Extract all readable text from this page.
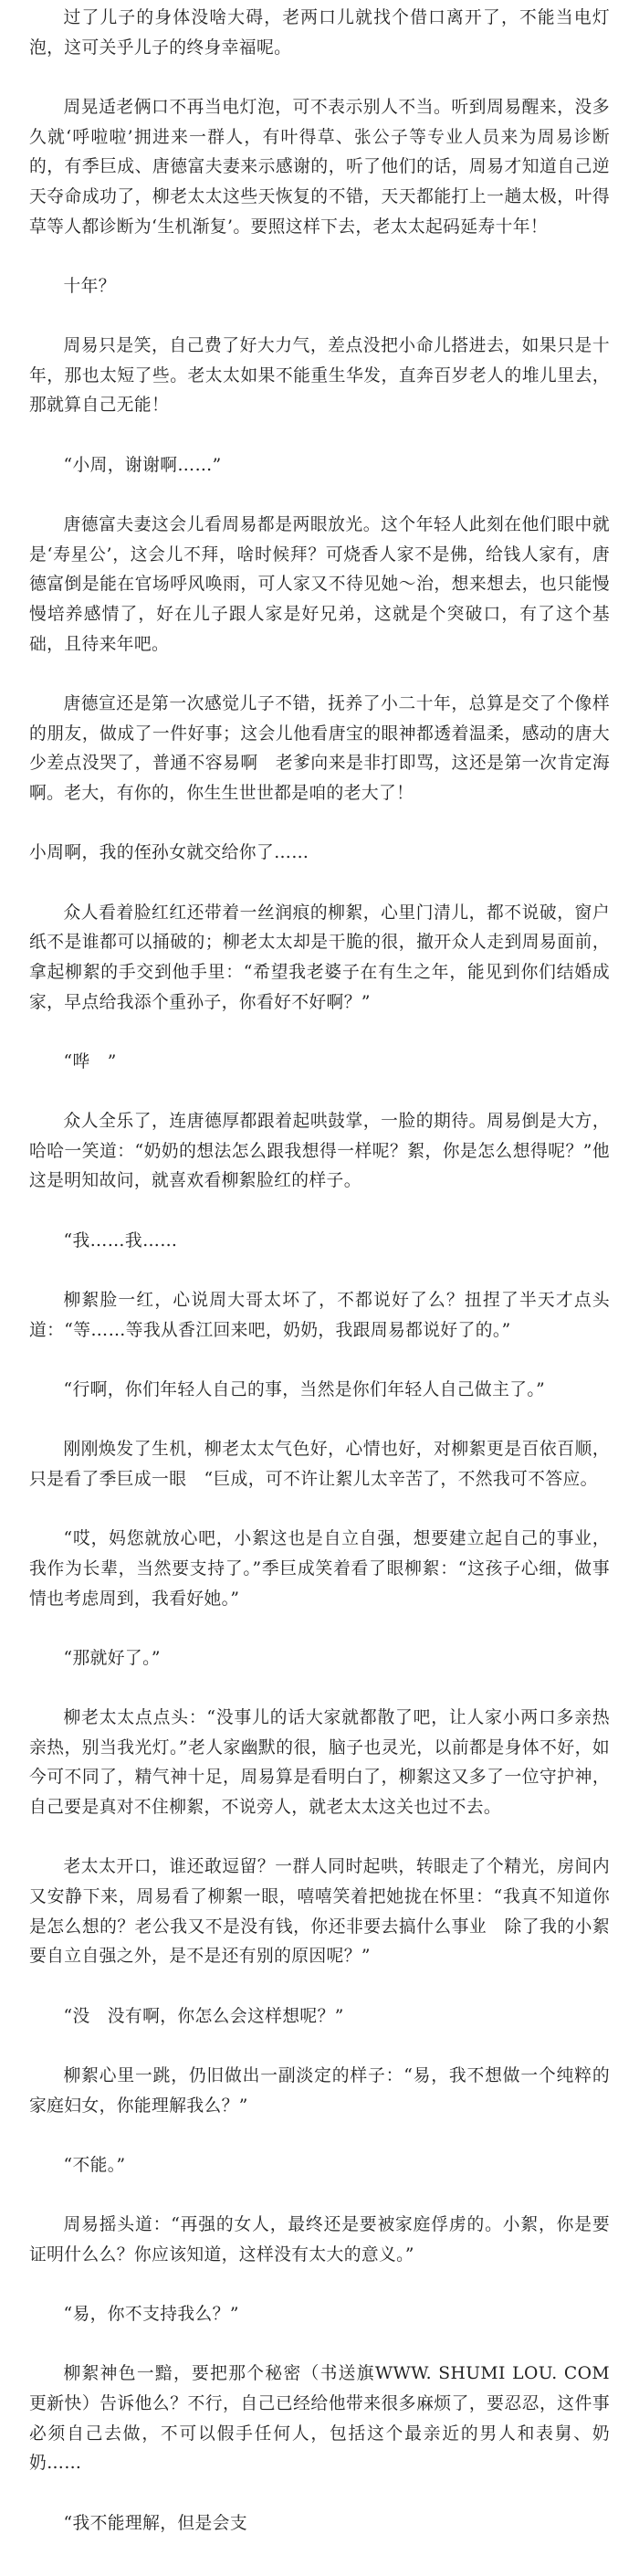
过了儿子的身体没啥大碍，老两口儿就找个借口离开了，不能当电灯泡，这可关乎儿子的终身幸福呢。

周晃适老俩口不再当电灯泡，可不表示别人不当。听到周易醒来，没多久就‘呼啦啦’拥进来一群人，有叶得草、张公子等专业人员来为周易诊断的，有季巨成、唐德富夫妻来示感谢的，听了他们的话，周易才知道自己逆天夺命成功了，柳老太太这些天恢复的不错，天天都能打上一趟太极，叶得草等人都诊断为‘生机渐复’。要照这样下去，老太太起码延寿十年！

十年？

周易只是笑，自己费了好大力气，差点没把小命儿搭进去，如果只是十年，那也太短了些。老太太如果不能重生华发，直奔百岁老人的堆儿里去，那就算自己无能！

“小周，谢谢啊……”

唐德富夫妻这会儿看周易都是两眼放光。这个年轻人此刻在他们眼中就是‘寿星公’，这会儿不拜，啥时候拜？可烧香人家不是佛，给钱人家有，唐德富倒是能在官场呼风唤雨，可人家又不待见她～治，想来想去，也只能慢慢培养感情了，好在儿子跟人家是好兄弟，这就是个突破口，有了这个基础，且待来年吧。

唐德宣还是第一次感觉儿子不错，抚养了小二十年，总算是交了个像样的朋友，做成了一件好事；这会儿他看唐宝的眼神都透着温柔，感动的唐大少差点没哭了，普通不容易啊　老爹向来是非打即骂，这还是第一次肯定海啊。老大，有你的，你生生世世都是咱的老大了！

小周啊，我的侄孙女就交给你了……

众人看着脸红红还带着一丝润痕的柳絮，心里门清儿，都不说破，窗户纸不是谁都可以捅破的；柳老太太却是干脆的很，撤开众人走到周易面前，拿起柳絮的手交到他手里：“希望我老婆子在有生之年，能见到你们结婚成家，早点给我添个重孙子，你看好不好啊？”

“哗　”

众人全乐了，连唐德厚都跟着起哄鼓掌，一脸的期待。周易倒是大方，哈哈一笑道：“奶奶的想法怎么跟我想得一样呢？絮，你是怎么想得呢？”他这是明知故问，就喜欢看柳絮脸红的样子。

“我……我……

柳絮脸一红，心说周大哥太坏了，不都说好了么？扭捏了半天才点头道：“等……等我从香江回来吧，奶奶，我跟周易都说好了的。”

“行啊，你们年轻人自己的事，当然是你们年轻人自己做主了。”

刚刚焕发了生机，柳老太太气色好，心情也好，对柳絮更是百依百顺，只是看了季巨成一眼　“巨成，可不许让絮儿太辛苦了，不然我可不答应。

“哎，妈您就放心吧，小絮这也是自立自强，想要建立起自己的事业，我作为长辈，当然要支持了。”季巨成笑着看了眼柳絮：“这孩子心细，做事情也考虑周到，我看好她。”

“那就好了。”

柳老太太点点头：“没事儿的话大家就都散了吧，让人家小两口多亲热亲热，别当我光灯。”老人家幽默的很，脑子也灵光，以前都是身体不好，如今可不同了，精气神十足，周易算是看明白了，柳絮这又多了一位守护神，自己要是真对不住柳絮，不说旁人，就老太太这关也过不去。

老太太开口，谁还敢逗留？一群人同时起哄，转眼走了个精光，房间内又安静下来，周易看了柳絮一眼，嘻嘻笑着把她拢在怀里：“我真不知道你是怎么想的？老公我又不是没有钱，你还非要去搞什么事业　除了我的小絮要自立自强之外，是不是还有别的原因呢？”

“没　没有啊，你怎么会这样想呢？”

柳絮心里一跳，仍旧做出一副淡定的样子：“易，我不想做一个纯粹的家庭妇女，你能理解我么？”

“不能。”

周易摇头道：“再强的女人，最终还是要被家庭俘虏的。小絮，你是要证明什么么？你应该知道，这样没有太大的意义。”

“易，你不支持我么？”

柳絮神色一黯，要把那个秘密（书送旗WWW. SHUMI LOU. COM更新快）告诉他么？不行，自己已经给他带来很多麻烦了，要忍忍，这件事必须自己去做，不可以假手任何人，包括这个最亲近的男人和表舅、奶奶……

“我不能理解，但是会支
